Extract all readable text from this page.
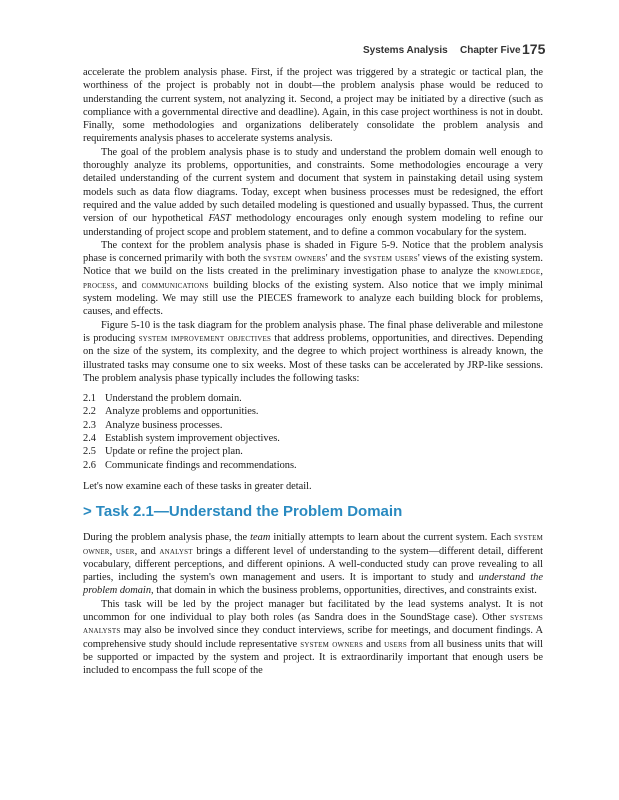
Systems Analysis Chapter Five 175

accelerate the problem analysis phase. First, if the project was triggered by a strategic or tactical plan, the worthiness of the project is probably not in doubt—the problem analysis phase would be reduced to understanding the current system, not analyzing it. Second, a project may be initiated by a directive (such as compliance with a governmental directive and deadline). Again, in this case project worthiness is not in doubt. Finally, some methodologies and organizations deliberately consolidate the problem analysis and requirements analysis phases to accelerate systems analysis.

The goal of the problem analysis phase is to study and understand the problem domain well enough to thoroughly analyze its problems, opportunities, and constraints. Some methodologies encourage a very detailed understanding of the current system and document that system in painstaking detail using system models such as data flow diagrams. Today, except when business processes must be redesigned, the effort required and the value added by such detailed modeling is questioned and usually bypassed. Thus, the current version of our hypothetical FAST methodology encourages only enough system modeling to refine our understanding of project scope and problem statement, and to define a common vocabulary for the system.

The context for the problem analysis phase is shaded in Figure 5-9. Notice that the problem analysis phase is concerned primarily with both the system owners' and the system users' views of the existing system. Notice that we build on the lists created in the preliminary investigation phase to analyze the knowledge, process, and communications building blocks of the existing system. Also notice that we imply minimal system modeling. We may still use the PIECES framework to analyze each building block for problems, causes, and effects.

Figure 5-10 is the task diagram for the problem analysis phase. The final phase deliverable and milestone is producing system improvement objectives that address problems, opportunities, and directives. Depending on the size of the system, its complexity, and the degree to which project worthiness is already known, the illustrated tasks may consume one to six weeks. Most of these tasks can be accelerated by JRP-like sessions. The problem analysis phase typically includes the following tasks:

2.1 Understand the problem domain.
2.2 Analyze problems and opportunities.
2.3 Analyze business processes.
2.4 Establish system improvement objectives.
2.5 Update or refine the project plan.
2.6 Communicate findings and recommendations.

Let's now examine each of these tasks in greater detail.

> Task 2.1—Understand the Problem Domain

During the problem analysis phase, the team initially attempts to learn about the current system. Each system owner, user, and analyst brings a different level of understanding to the system—different detail, different vocabulary, different perceptions, and different opinions. A well-conducted study can prove revealing to all parties, including the system's own management and users. It is important to study and understand the problem domain, that domain in which the business problems, opportunities, directives, and constraints exist.

This task will be led by the project manager but facilitated by the lead systems analyst. It is not uncommon for one individual to play both roles (as Sandra does in the SoundStage case). Other systems analysts may also be involved since they conduct interviews, scribe for meetings, and document findings. A comprehensive study should include representative system owners and users from all business units that will be supported or impacted by the system and project. It is extraordinarily important that enough users be included to encompass the full scope of the
